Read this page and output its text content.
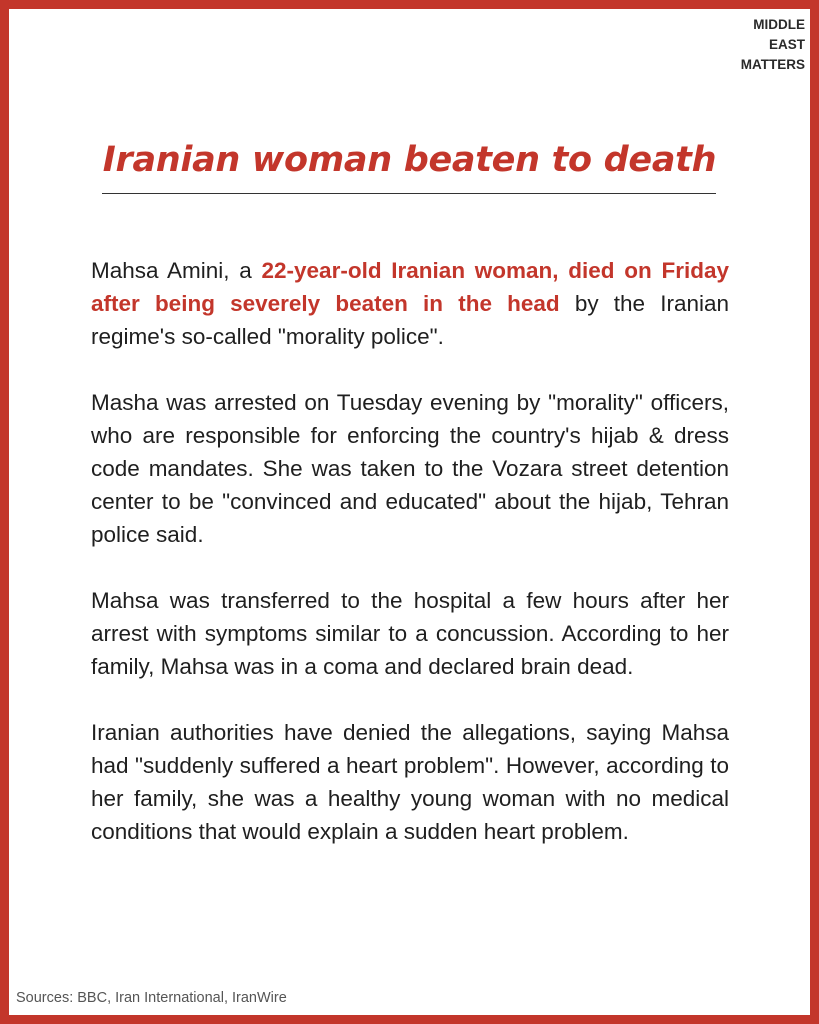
MIDDLE
EAST
MATTERS
Iranian woman beaten to death

Mahsa Amini, a 22-year-old Iranian woman, died on Friday after being severely beaten in the head by the Iranian regime's so-called "morality police".

Masha was arrested on Tuesday evening by "morality" officers, who are responsible for enforcing the country's hijab & dress code mandates. She was taken to the Vozara street detention center to be "convinced and educated" about the hijab, Tehran police said.

Mahsa was transferred to the hospital a few hours after her arrest with symptoms similar to a concussion. According to her family, Mahsa was in a coma and declared brain dead.

Iranian authorities have denied the allegations, saying Mahsa had "suddenly suffered a heart problem". However, according to her family, she was a healthy young woman with no medical conditions that would explain a sudden heart problem.

Sources: BBC, Iran International, IranWire
